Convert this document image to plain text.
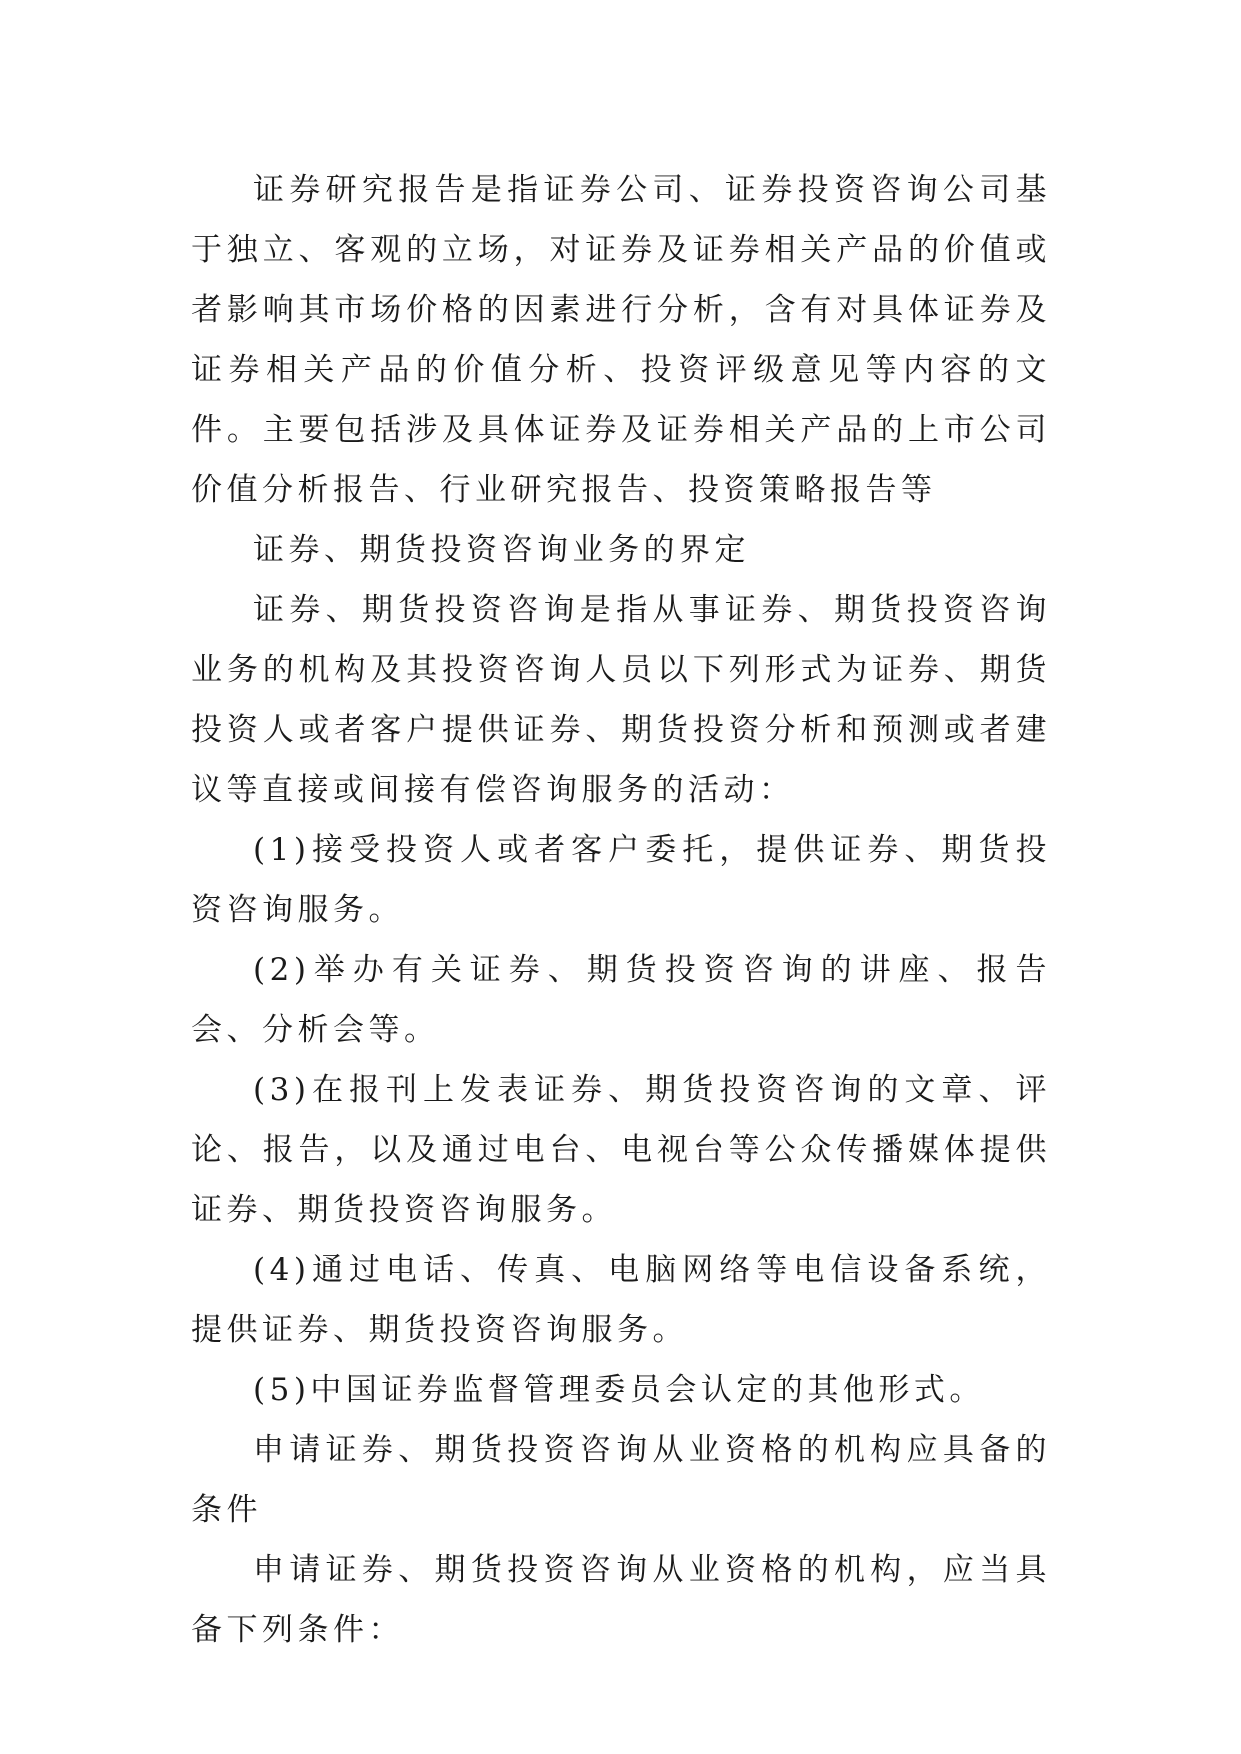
证券研究报告是指证券公司、证券投资咨询公司基于独立、客观的立场，对证券及证券相关产品的价值或者影响其市场价格的因素进行分析，含有对具体证券及证券相关产品的价值分析、投资评级意见等内容的文件。主要包括涉及具体证券及证券相关产品的上市公司价值分析报告、行业研究报告、投资策略报告等

证券、期货投资咨询业务的界定

证券、期货投资咨询是指从事证券、期货投资咨询业务的机构及其投资咨询人员以下列形式为证券、期货投资人或者客户提供证券、期货投资分析和预测或者建议等直接或间接有偿咨询服务的活动：

(1)接受投资人或者客户委托，提供证券、期货投资咨询服务。

(2)举办有关证券、期货投资咨询的讲座、报告会、分析会等。

(3)在报刊上发表证券、期货投资咨询的文章、评论、报告，以及通过电台、电视台等公众传播媒体提供证券、期货投资咨询服务。

(4)通过电话、传真、电脑网络等电信设备系统，提供证券、期货投资咨询服务。

(5)中国证券监督管理委员会认定的其他形式。

申请证券、期货投资咨询从业资格的机构应具备的条件

申请证券、期货投资咨询从业资格的机构，应当具备下列条件：
